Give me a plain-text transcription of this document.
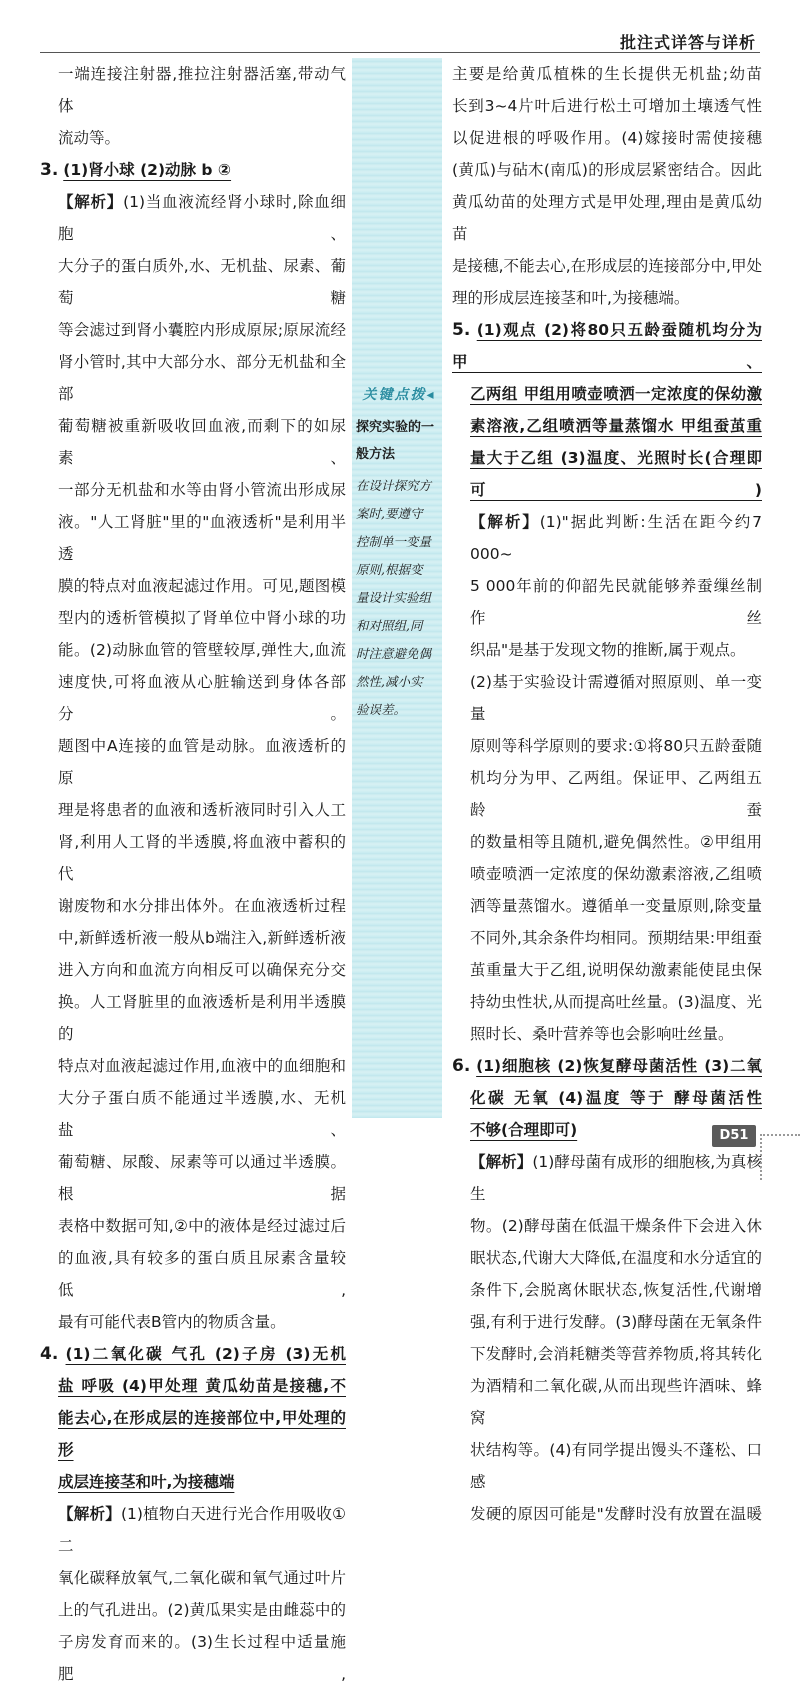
批注式详答与详析

一端连接注射器,推拉注射器活塞,带动气体

流动等。

3. (1)肾小球 (2)动脉 b ②

【解析】(1)当血液流经肾小球时,除血细胞、

大分子的蛋白质外,水、无机盐、尿素、葡萄糖

等会滤过到肾小囊腔内形成原尿;原尿流经

肾小管时,其中大部分水、部分无机盐和全部

葡萄糖被重新吸收回血液,而剩下的如尿素、

一部分无机盐和水等由肾小管流出形成尿

液。"人工肾脏"里的"血液透析"是利用半透

膜的特点对血液起滤过作用。可见,题图模

型内的透析管模拟了肾单位中肾小球的功

能。(2)动脉血管的管壁较厚,弹性大,血流

速度快,可将血液从心脏输送到身体各部分。

题图中A连接的血管是动脉。血液透析的原

理是将患者的血液和透析液同时引入人工

肾,利用人工肾的半透膜,将血液中蓄积的代

谢废物和水分排出体外。在血液透析过程

中,新鲜透析液一般从b端注入,新鲜透析液

进入方向和血流方向相反可以确保充分交

换。人工肾脏里的血液透析是利用半透膜的

特点对血液起滤过作用,血液中的血细胞和

大分子蛋白质不能通过半透膜,水、无机盐、

葡萄糖、尿酸、尿素等可以通过半透膜。根据

表格中数据可知,②中的液体是经过滤过后

的血液,具有较多的蛋白质且尿素含量较低,

最有可能代表B管内的物质含量。

4. (1)二氧化碳 气孔 (2)子房 (3)无机

盐 呼吸 (4)甲处理 黄瓜幼苗是接穗,不

能去心,在形成层的连接部位中,甲处理的形

成层连接茎和叶,为接穗端

【解析】(1)植物白天进行光合作用吸收①二

氧化碳释放氧气,二氧化碳和氧气通过叶片

上的气孔进出。(2)黄瓜果实是由雌蕊中的

子房发育而来的。(3)生长过程中适量施肥,

关键点拨◂
探究实验的一
般方法
在设计探究方
案时,要遵守
控制单一变量
原则,根据变
量设计实验组
和对照组,同
时注意避免偶
然性,减小实
验误差。

主要是给黄瓜植株的生长提供无机盐;幼苗

长到3~4片叶后进行松土可增加土壤透气性

以促进根的呼吸作用。(4)嫁接时需使接穗

(黄瓜)与砧木(南瓜)的形成层紧密结合。因此

黄瓜幼苗的处理方式是甲处理,理由是黄瓜幼苗

是接穗,不能去心,在形成层的连接部分中,甲处

理的形成层连接茎和叶,为接穗端。

5. (1)观点 (2)将80只五龄蚕随机均分为甲、

乙两组 甲组用喷壶喷洒一定浓度的保幼激

素溶液,乙组喷洒等量蒸馏水 甲组蚕茧重

量大于乙组 (3)温度、光照时长(合理即可)

【解析】(1)"据此判断:生活在距今约7 000~

5 000年前的仰韶先民就能够养蚕缫丝制作丝

织品"是基于发现文物的推断,属于观点。

(2)基于实验设计需遵循对照原则、单一变量

原则等科学原则的要求:①将80只五龄蚕随

机均分为甲、乙两组。保证甲、乙两组五龄蚕

的数量相等且随机,避免偶然性。②甲组用

喷壶喷洒一定浓度的保幼激素溶液,乙组喷

洒等量蒸馏水。遵循单一变量原则,除变量

不同外,其余条件均相同。预期结果:甲组蚕

茧重量大于乙组,说明保幼激素能使昆虫保

持幼虫性状,从而提高吐丝量。(3)温度、光

照时长、桑叶营养等也会影响吐丝量。

6. (1)细胞核 (2)恢复酵母菌活性 (3)二氧

化碳 无氧 (4)温度 等于 酵母菌活性

不够(合理即可)

【解析】(1)酵母菌有成形的细胞核,为真核生

物。(2)酵母菌在低温干燥条件下会进入休

眠状态,代谢大大降低,在温度和水分适宜的

条件下,会脱离休眠状态,恢复活性,代谢增

强,有利于进行发酵。(3)酵母菌在无氧条件

下发酵时,会消耗糖类等营养物质,将其转化

为酒精和二氧化碳,从而出现些许酒味、蜂窝

状结构等。(4)有同学提出馒头不蓬松、口感

发硬的原因可能是"发酵时没有放置在温暖

D51
